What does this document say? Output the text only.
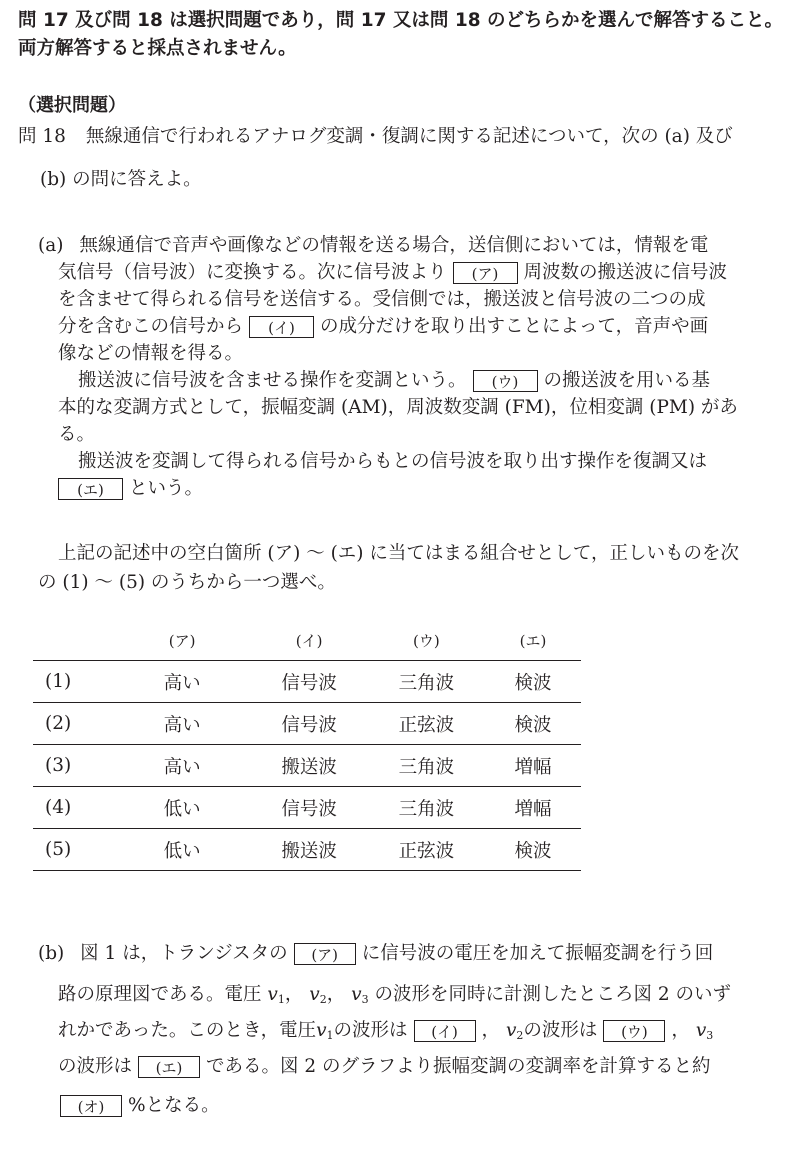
問 17 及び問 18 は選択問題であり，問 17 又は問 18 のどちらかを選んで解答すること。
両方解答すると採点されません。
（選択問題）
問 18 無線通信で行われるアナログ変調・復調に関する記述について，次の (a) 及び
(b) の問に答えよ。
(a) 無線通信で音声や画像などの情報を送る場合，送信側においては，情報を電
気信号（信号波）に変換する。次に信号波より (ア) 周波数の搬送波に信号波
を含ませて得られる信号を送信する。受信側では，搬送波と信号波の二つの成
分を含むこの信号から (イ) の成分だけを取り出すことによって，音声や画
像などの情報を得る。
搬送波に信号波を含ませる操作を変調という。 (ウ) の搬送波を用いる基
本的な変調方式として，振幅変調 (AM)，周波数変調 (FM)，位相変調 (PM) があ
る。
搬送波を変調して得られる信号からもとの信号波を取り出す操作を復調又は
(エ) という。
上記の記述中の空白箇所 (ア) ～ (エ) に当てはまる組合せとして，正しいものを次
の (1) ～ (5) のうちから一つ選べ。
	(ア)	(イ)	(ウ)	(エ)
(1)	高い	信号波	三角波	検波
(2)	高い	信号波	正弦波	検波
(3)	高い	搬送波	三角波	増幅
(4)	低い	信号波	三角波	増幅
(5)	低い	搬送波	正弦波	検波
(b) 図 1 は，トランジスタの (ア) に信号波の電圧を加えて振幅変調を行う回
路の原理図である。電圧 $v_1$， $v_2$， $v_3$ の波形を同時に計測したところ図 2 のいず
れかであった。このとき，電圧$v_1$の波形は (イ) ， $v_2$の波形は (ウ) ， $v_3$
の波形は (エ) である。図 2 のグラフより振幅変調の変調率を計算すると約
(オ) %となる。
